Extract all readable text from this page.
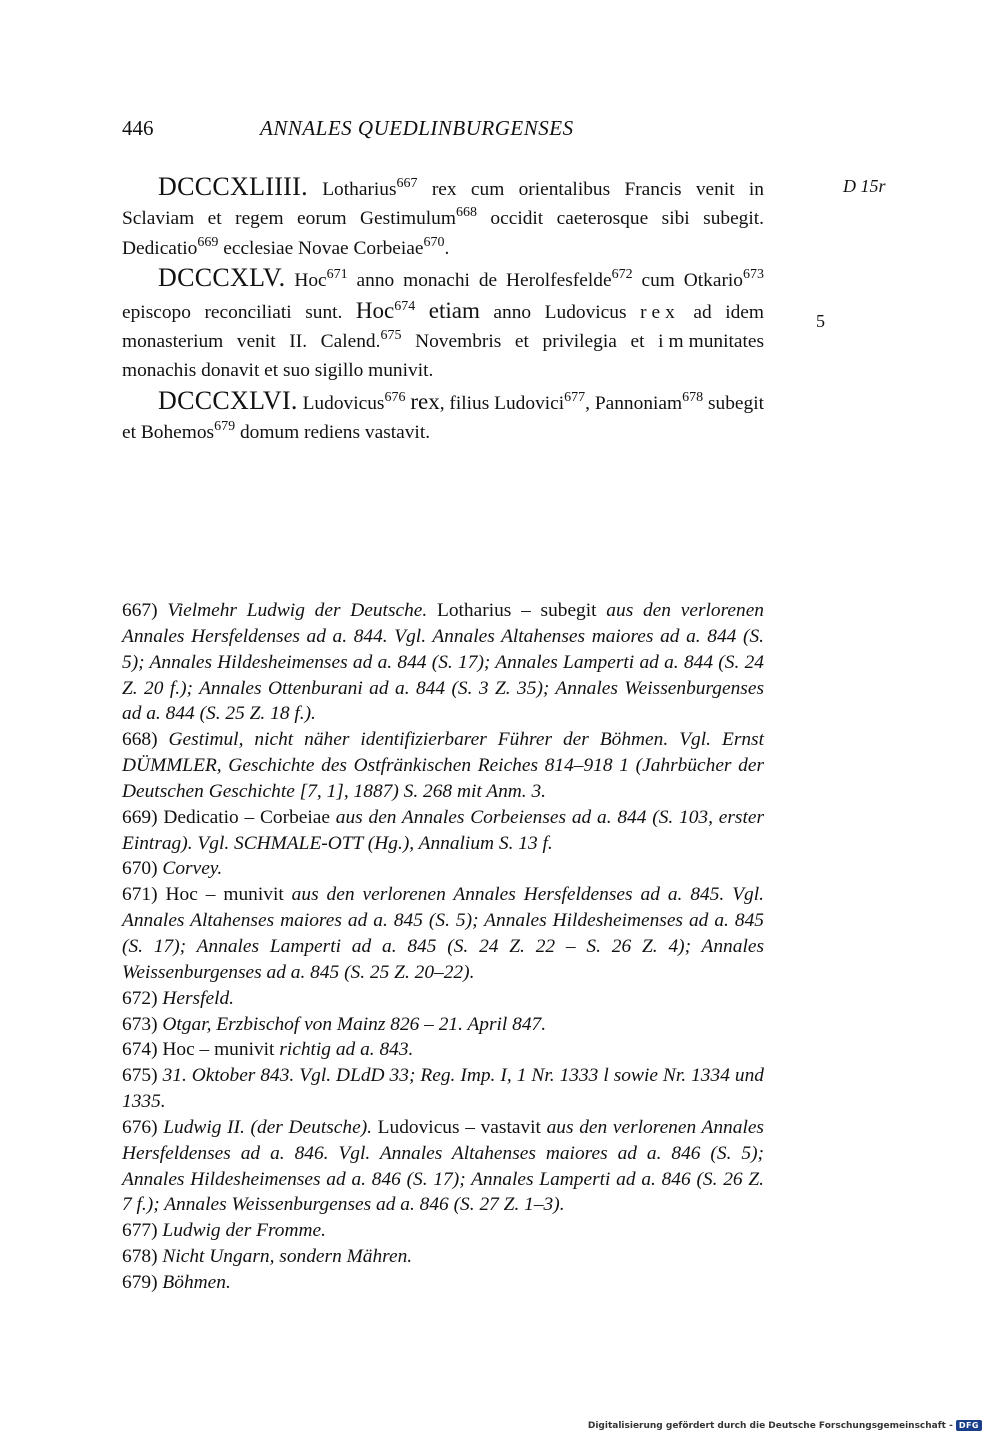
446	ANNALES QUEDLINBURGENSES
D 15r
5

DCCCXLIIII. Lotharius$^{667}$ rex cum orientalibus Francis venit in Sclaviam et regem eorum Gestimulum$^{668}$ occidit caeterosque sibi subegit. Dedicatio$^{669}$ ecclesiae Novae Corbeiae$^{670}$.

DCCCXLV. Hoc$^{671}$ anno monachi de Herolfesfelde$^{672}$ cum Otkario$^{673}$ episcopo reconciliati sunt. Hoc$^{674}$ etiam anno Ludovicus rex ad idem monasterium venit II. Calend.$^{675}$ Novembris et privilegia et immunitates monachis donavit et suo sigillo munivit.

DCCCXLVI. Ludovicus$^{676}$ rex, filius Ludovici$^{677}$, Pannoniam$^{678}$ subegit et Bohemos$^{679}$ domum rediens vastavit.

667) Vielmehr Ludwig der Deutsche. Lotharius – subegit aus den verlorenen Annales Hersfeldenses ad a. 844. Vgl. Annales Altahenses maiores ad a. 844 (S. 5); Annales Hildesheimenses ad a. 844 (S. 17); Annales Lamperti ad a. 844 (S. 24 Z. 20 f.); Annales Ottenburani ad a. 844 (S. 3 Z. 35); Annales Weissenburgenses ad a. 844 (S. 25 Z. 18 f.).

668) Gestimul, nicht näher identifizierbarer Führer der Böhmen. Vgl. Ernst DÜMMLER, Geschichte des Ostfränkischen Reiches 814–918 1 (Jahrbücher der Deutschen Geschichte [7, 1], 1887) S. 268 mit Anm. 3.

669) Dedicatio – Corbeiae aus den Annales Corbeienses ad a. 844 (S. 103, erster Eintrag). Vgl. SCHMALE-OTT (Hg.), Annalium S. 13 f.

670) Corvey.

671) Hoc – munivit aus den verlorenen Annales Hersfeldenses ad a. 845. Vgl. Annales Altahenses maiores ad a. 845 (S. 5); Annales Hildesheimenses ad a. 845 (S. 17); Annales Lamperti ad a. 845 (S. 24 Z. 22 – S. 26 Z. 4); Annales Weissenburgenses ad a. 845 (S. 25 Z. 20–22).

672) Hersfeld.

673) Otgar, Erzbischof von Mainz 826 – 21. April 847.

674) Hoc – munivit richtig ad a. 843.

675) 31. Oktober 843. Vgl. DLdD 33; Reg. Imp. I, 1 Nr. 1333 l sowie Nr. 1334 und 1335.

676) Ludwig II. (der Deutsche). Ludovicus – vastavit aus den verlorenen Annales Hersfeldenses ad a. 846. Vgl. Annales Altahenses maiores ad a. 846 (S. 5); Annales Hildesheimenses ad a. 846 (S. 17); Annales Lamperti ad a. 846 (S. 26 Z. 7 f.); Annales Weissenburgenses ad a. 846 (S. 27 Z. 1–3).

677) Ludwig der Fromme.

678) Nicht Ungarn, sondern Mähren.

679) Böhmen.

Digitalisierung gefördert durch die Deutsche Forschungsgemeinschaft - DFG
